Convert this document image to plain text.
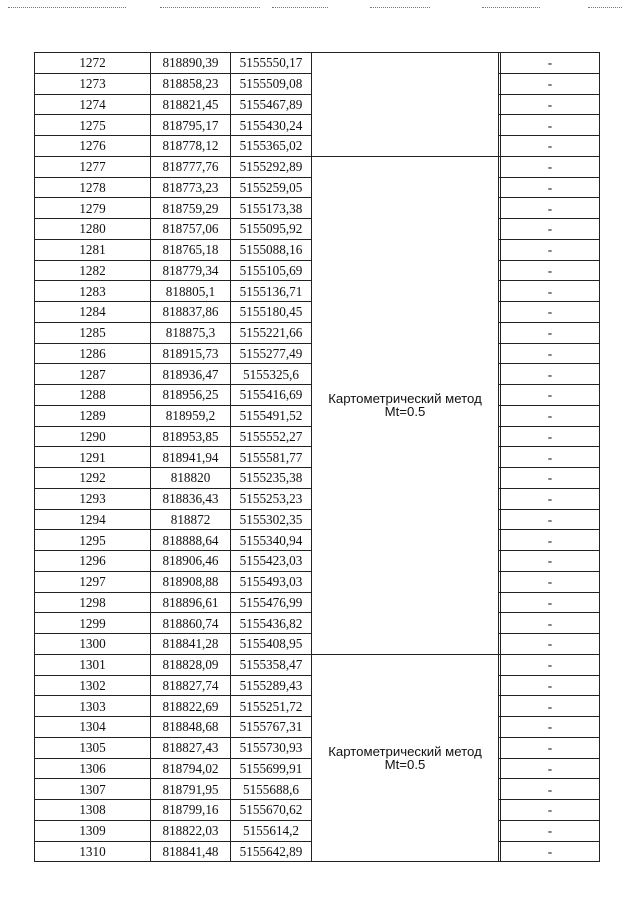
1272	818890,39	5155550,17			-
1273	818858,23	5155509,08			-
1274	818821,45	5155467,89			-
1275	818795,17	5155430,24			-
1276	818778,12	5155365,02			-
1277	818777,76	5155292,89	Картометрический метод
Mt=0.5		-
1278	818773,23	5155259,05			-
1279	818759,29	5155173,38			-
1280	818757,06	5155095,92			-
1281	818765,18	5155088,16			-
1282	818779,34	5155105,69			-
1283	818805,1	5155136,71			-
1284	818837,86	5155180,45			-
1285	818875,3	5155221,66			-
1286	818915,73	5155277,49			-
1287	818936,47	5155325,6			-
1288	818956,25	5155416,69			-
1289	818959,2	5155491,52			-
1290	818953,85	5155552,27			-
1291	818941,94	5155581,77			-
1292	818820	5155235,38			-
1293	818836,43	5155253,23			-
1294	818872	5155302,35			-
1295	818888,64	5155340,94			-
1296	818906,46	5155423,03			-
1297	818908,88	5155493,03			-
1298	818896,61	5155476,99			-
1299	818860,74	5155436,82			-
1300	818841,28	5155408,95			-
1301	818828,09	5155358,47	Картометрический метод
Mt=0.5		-
1302	818827,74	5155289,43			-
1303	818822,69	5155251,72			-
1304	818848,68	5155767,31			-
1305	818827,43	5155730,93			-
1306	818794,02	5155699,91			-
1307	818791,95	5155688,6			-
1308	818799,16	5155670,62			-
1309	818822,03	5155614,2			-
1310	818841,48	5155642,89			-
